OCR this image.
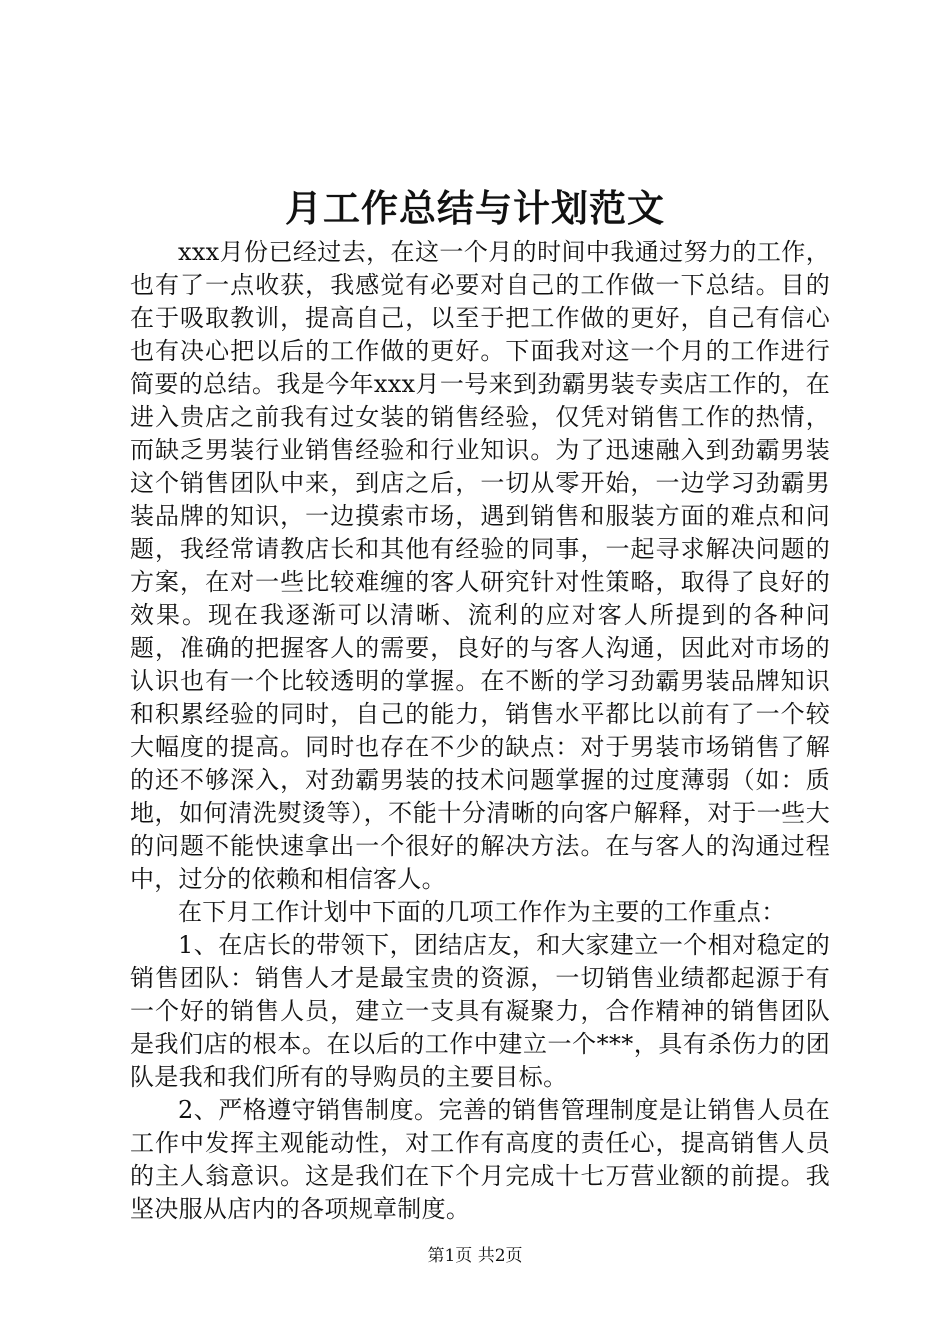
月工作总结与计划范文

xxx月份已经过去，在这一个月的时间中我通过努力的工作，也有了一点收获，我感觉有必要对自己的工作做一下总结。目的在于吸取教训，提高自己，以至于把工作做的更好，自己有信心也有决心把以后的工作做的更好。下面我对这一个月的工作进行简要的总结。我是今年xxx月一号来到劲霸男装专卖店工作的，在进入贵店之前我有过女装的销售经验，仅凭对销售工作的热情，而缺乏男装行业销售经验和行业知识。为了迅速融入到劲霸男装这个销售团队中来，到店之后，一切从零开始，一边学习劲霸男装品牌的知识，一边摸索市场，遇到销售和服装方面的难点和问题，我经常请教店长和其他有经验的同事，一起寻求解决问题的方案，在对一些比较难缠的客人研究针对性策略，取得了良好的效果。现在我逐渐可以清晰、流利的应对客人所提到的各种问题，准确的把握客人的需要，良好的与客人沟通，因此对市场的认识也有一个比较透明的掌握。在不断的学习劲霸男装品牌知识和积累经验的同时，自己的能力，销售水平都比以前有了一个较大幅度的提高。同时也存在不少的缺点：对于男装市场销售了解的还不够深入，对劲霸男装的技术问题掌握的过度薄弱（如：质地，如何清洗熨烫等），不能十分清晰的向客户解释，对于一些大的问题不能快速拿出一个很好的解决方法。在与客人的沟通过程中，过分的依赖和相信客人。

在下月工作计划中下面的几项工作作为主要的工作重点：

1、在店长的带领下，团结店友，和大家建立一个相对稳定的销售团队：销售人才是最宝贵的资源，一切销售业绩都起源于有一个好的销售人员，建立一支具有凝聚力，合作精神的销售团队是我们店的根本。在以后的工作中建立一个***，具有杀伤力的团队是我和我们所有的导购员的主要目标。

2、严格遵守销售制度。完善的销售管理制度是让销售人员在工作中发挥主观能动性，对工作有高度的责任心，提高销售人员的主人翁意识。这是我们在下个月完成十七万营业额的前提。我坚决服从店内的各项规章制度。

第1页 共2页
